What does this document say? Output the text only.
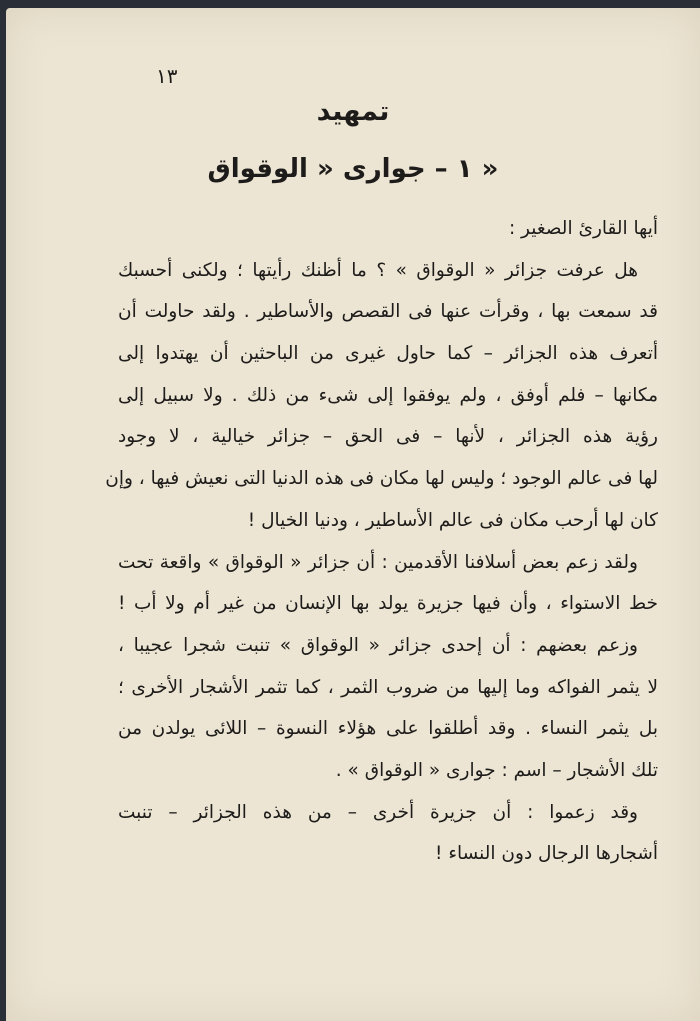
١٣
تمهيد
١ – جوارى « الوقواق »
أيها القارئ الصغير :
هل عرفت جزائر « الوقواق » ؟ ما أظنك رأيتها ؛ ولكنى أحسبك
قد سمعت بها ، وقرأت عنها فى القصص والأساطير . ولقد حاولت أن
أتعرف هذه الجزائر – كما حاول غيرى من الباحثين أن يهتدوا إلى
مكانها – فلم أوفق ، ولم يوفقوا إلى شىء من ذلك . ولا سبيل إلى
رؤية هذه الجزائر ، لأنها – فى الحق – جزائر خيالية ، لا وجود
لها فى عالم الوجود ؛ وليس لها مكان فى هذه الدنيا التى نعيش فيها ، وإن
كان لها أرحب مكان فى عالم الأساطير ، ودنيا الخيال !
ولقد زعم بعض أسلافنا الأقدمين : أن جزائر « الوقواق » واقعة تحت
خط الاستواء ، وأن فيها جزيرة يولد بها الإنسان من غير أم ولا أب !
وزعم بعضهم : أن إحدى جزائر « الوقواق » تنبت شجرا عجيبا ،
لا يثمر الفواكه وما إليها من ضروب الثمر ، كما تثمر الأشجار الأخرى ؛
بل يثمر النساء . وقد أطلقوا على هؤلاء النسوة – اللائى يولدن من
تلك الأشجار – اسم : جوارى « الوقواق » .
وقد زعموا : أن جزيرة أخرى – من هذه الجزائر – تنبت
أشجارها الرجال دون النساء !
